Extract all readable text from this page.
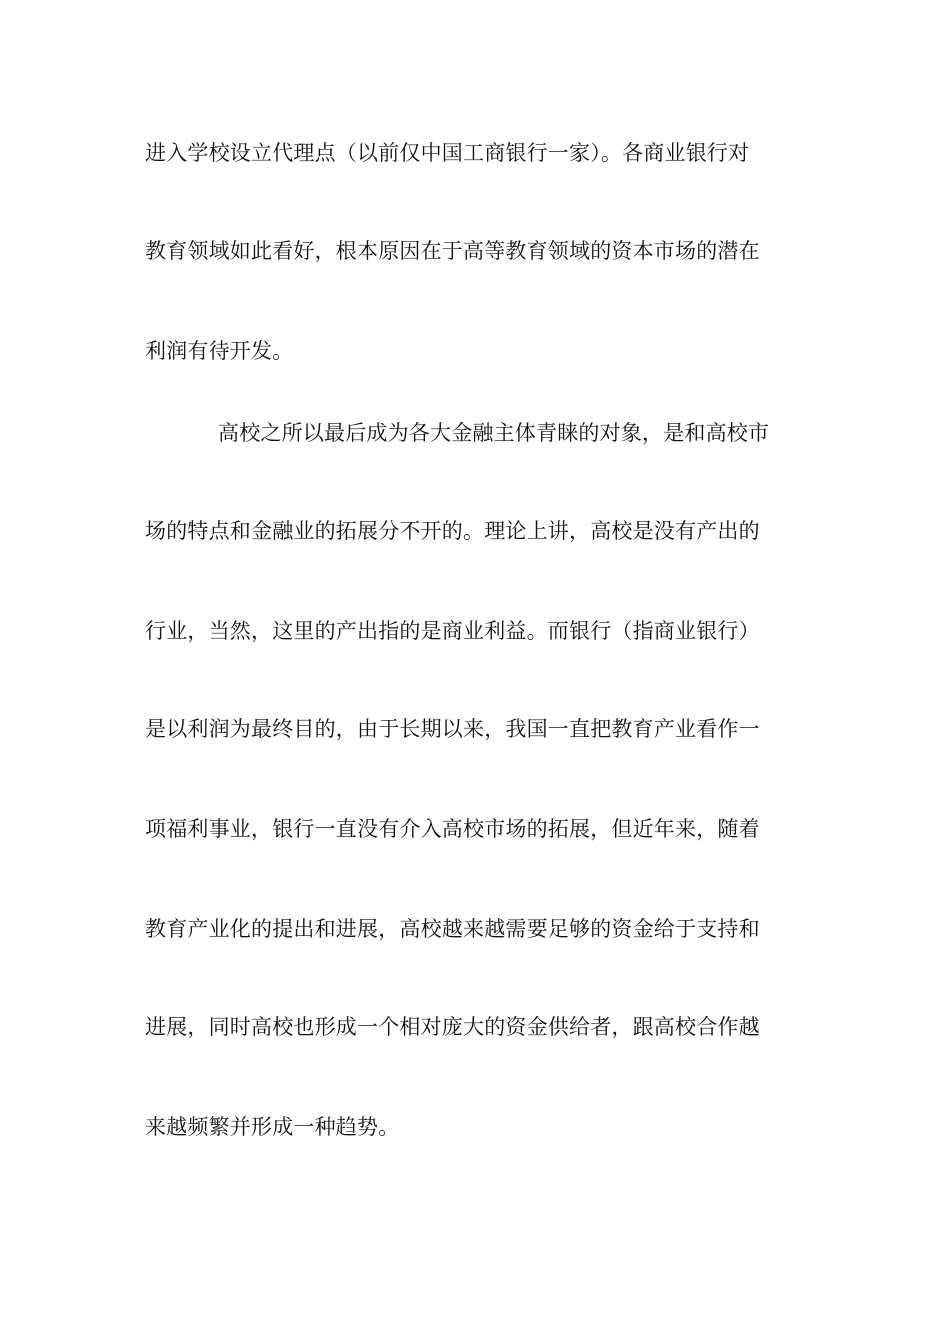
进入学校设立代理点（以前仅中国工商银行一家）。各商业银行对
教育领域如此看好，根本原因在于高等教育领域的资本市场的潜在
利润有待开发。
高校之所以最后成为各大金融主体青睐的对象，是和高校市
场的特点和金融业的拓展分不开的。理论上讲，高校是没有产出的
行业，当然，这里的产出指的是商业利益。而银行（指商业银行）
是以利润为最终目的，由于长期以来，我国一直把教育产业看作一
项福利事业，银行一直没有介入高校市场的拓展，但近年来，随着
教育产业化的提出和进展，高校越来越需要足够的资金给于支持和
进展，同时高校也形成一个相对庞大的资金供给者，跟高校合作越
来越频繁并形成一种趋势。
